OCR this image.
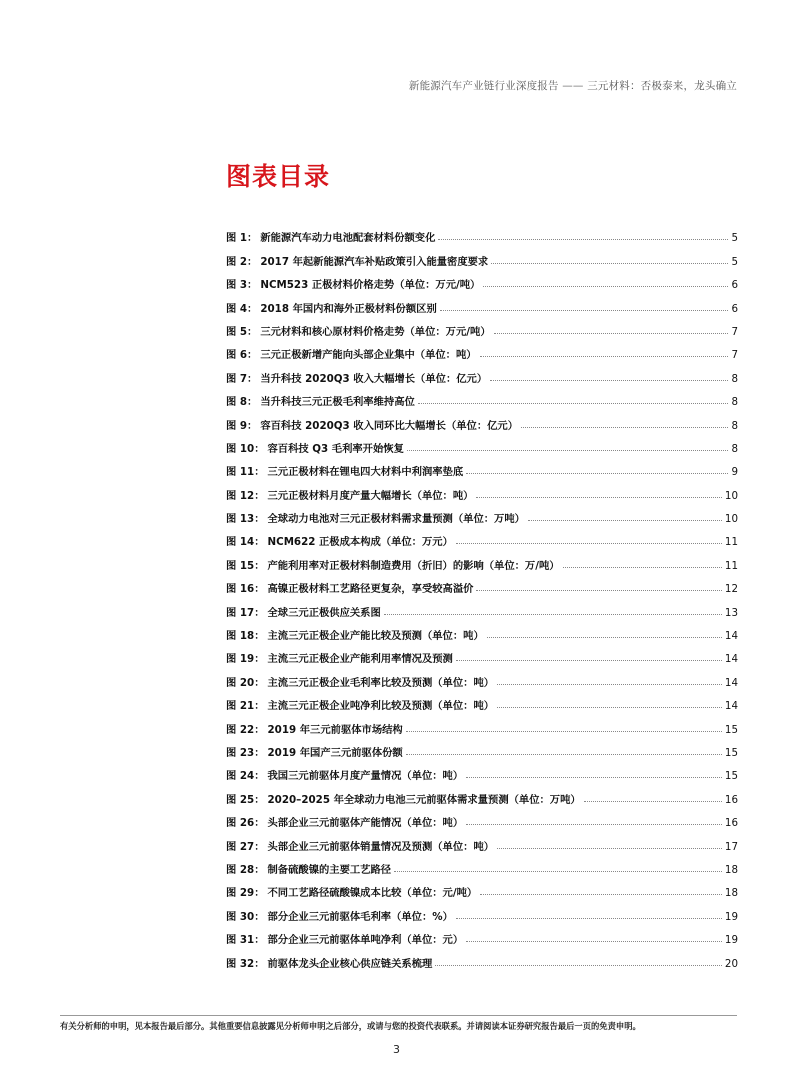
新能源汽车产业链行业深度报告 —— 三元材料：否极泰来，龙头确立
图表目录
图 1： 新能源汽车动力电池配套材料份额变化	5
图 2： 2017 年起新能源汽车补贴政策引入能量密度要求	5
图 3： NCM523 正极材料价格走势（单位：万元/吨）	6
图 4： 2018 年国内和海外正极材料份额区别	6
图 5： 三元材料和核心原材料价格走势（单位：万元/吨）	7
图 6： 三元正极新增产能向头部企业集中（单位：吨）	7
图 7： 当升科技 2020Q3 收入大幅增长（单位：亿元）	8
图 8： 当升科技三元正极毛利率维持高位	8
图 9： 容百科技 2020Q3 收入同环比大幅增长（单位：亿元）	8
图 10： 容百科技 Q3 毛利率开始恢复	8
图 11： 三元正极材料在锂电四大材料中利润率垫底	9
图 12： 三元正极材料月度产量大幅增长（单位：吨）	10
图 13： 全球动力电池对三元正极材料需求量预测（单位：万吨）	10
图 14： NCM622 正极成本构成（单位：万元）	11
图 15： 产能利用率对正极材料制造费用（折旧）的影响（单位：万/吨）	11
图 16： 高镍正极材料工艺路径更复杂，享受较高溢价	12
图 17： 全球三元正极供应关系图	13
图 18： 主流三元正极企业产能比较及预测（单位：吨）	14
图 19： 主流三元正极企业产能利用率情况及预测	14
图 20： 主流三元正极企业毛利率比较及预测（单位：吨）	14
图 21： 主流三元正极企业吨净利比较及预测（单位：吨）	14
图 22： 2019 年三元前驱体市场结构	15
图 23： 2019 年国产三元前驱体份额	15
图 24： 我国三元前驱体月度产量情况（单位：吨）	15
图 25： 2020–2025 年全球动力电池三元前驱体需求量预测（单位：万吨）	16
图 26： 头部企业三元前驱体产能情况（单位：吨）	16
图 27： 头部企业三元前驱体销量情况及预测（单位：吨）	17
图 28： 制备硫酸镍的主要工艺路径	18
图 29： 不同工艺路径硫酸镍成本比较（单位：元/吨）	18
图 30： 部分企业三元前驱体毛利率（单位：%）	19
图 31： 部分企业三元前驱体单吨净利（单位：元）	19
图 32： 前驱体龙头企业核心供应链关系梳理	20
有关分析师的申明，见本报告最后部分。其他重要信息披露见分析师申明之后部分，或请与您的投资代表联系。并请阅读本证券研究报告最后一页的免责申明。
3
